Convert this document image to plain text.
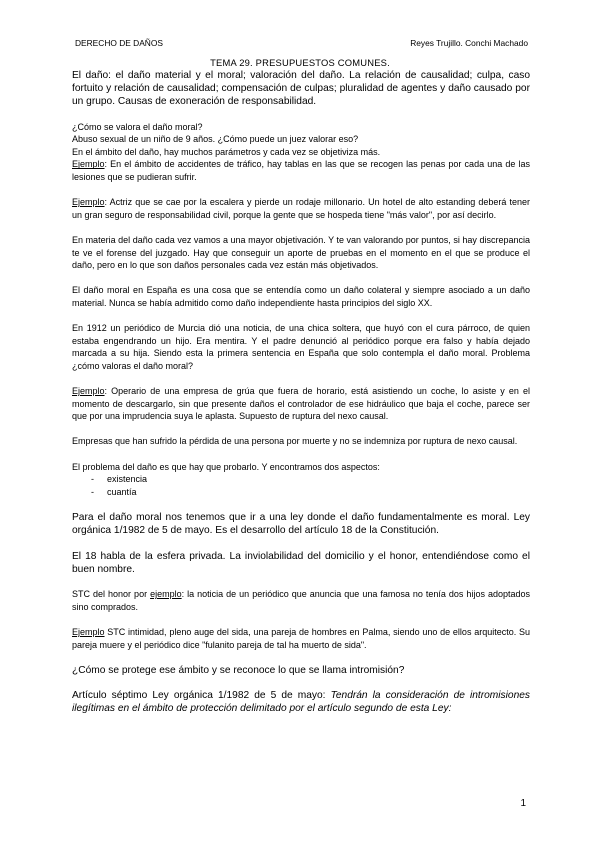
DERECHO DE DAÑOS	Reyes Trujillo. Conchi Machado
TEMA 29. PRESUPUESTOS COMUNES.

El daño: el daño material y el moral; valoración del daño. La relación de causalidad; culpa, caso fortuito y relación de causalidad; compensación de culpas; pluralidad de agentes y daño causado por un grupo. Causas de exoneración de responsabilidad.

¿Cómo se valora el daño moral?

Abuso sexual de un niño de 9 años. ¿Cómo puede un juez valorar eso?

En el ámbito del daño, hay muchos parámetros y cada vez se objetiviza más.

Ejemplo: En el ámbito de accidentes de tráfico, hay tablas en las que se recogen las penas por cada una de las lesiones que se pudieran sufrir.

Ejemplo: Actriz que se cae por la escalera y pierde un rodaje millonario. Un hotel de alto estanding deberá tener un gran seguro de responsabilidad civil, porque la gente que se hospeda tiene "más valor", por así decirlo.

En materia del daño cada vez vamos a una mayor objetivación. Y te van valorando por puntos, si hay discrepancia te ve el forense del juzgado. Hay que conseguir un aporte de pruebas en el momento en el que se produce el daño, pero en lo que son daños personales cada vez están más objetivados.

El daño moral en España es una cosa que se entendía como un daño colateral y siempre asociado a un daño material. Nunca se había admitido como daño independiente hasta principios del siglo XX.

En 1912 un periódico de Murcia dió una noticia, de una chica soltera, que huyó con el cura párroco, de quien estaba engendrando un hijo. Era mentira. Y el padre denunció al periódico porque era falso y había dejado marcada a su hija. Siendo esta la primera sentencia en España que solo contempla el daño moral. Problema ¿cómo valoras el daño moral?

Ejemplo: Operario de una empresa de grúa que fuera de horario, está asistiendo un coche, lo asiste y en el momento de descargarlo, sin que presente daños el controlador de ese hidráulico que baja el coche, parece ser que por una imprudencia suya le aplasta. Supuesto de ruptura del nexo causal.

Empresas que han sufrido la pérdida de una persona por muerte y no se indemniza por ruptura de nexo causal.

El problema del daño es que hay que probarlo. Y encontramos dos aspectos:

- existencia
- cuantía

Para el daño moral nos tenemos que ir a una ley donde el daño fundamentalmente es moral. Ley orgánica 1/1982 de 5 de mayo. Es el desarrollo del artículo 18 de la Constitución.

El 18 habla de la esfera privada. La inviolabilidad del domicilio y el honor, entendiéndose como el buen nombre.

STC del honor por ejemplo: la noticia de un periódico que anuncia que una famosa no tenía dos hijos adoptados sino comprados.

Ejemplo STC intimidad, pleno auge del sida, una pareja de hombres en Palma, siendo uno de ellos arquitecto. Su pareja muere y el periódico dice "fulanito pareja de tal ha muerto de sida".

¿Cómo se protege ese ámbito y se reconoce lo que se llama intromisión?

Artículo séptimo Ley orgánica 1/1982 de 5 de mayo: Tendrán la consideración de intromisiones ilegítimas en el ámbito de protección delimitado por el artículo segundo de esta Ley:

1
